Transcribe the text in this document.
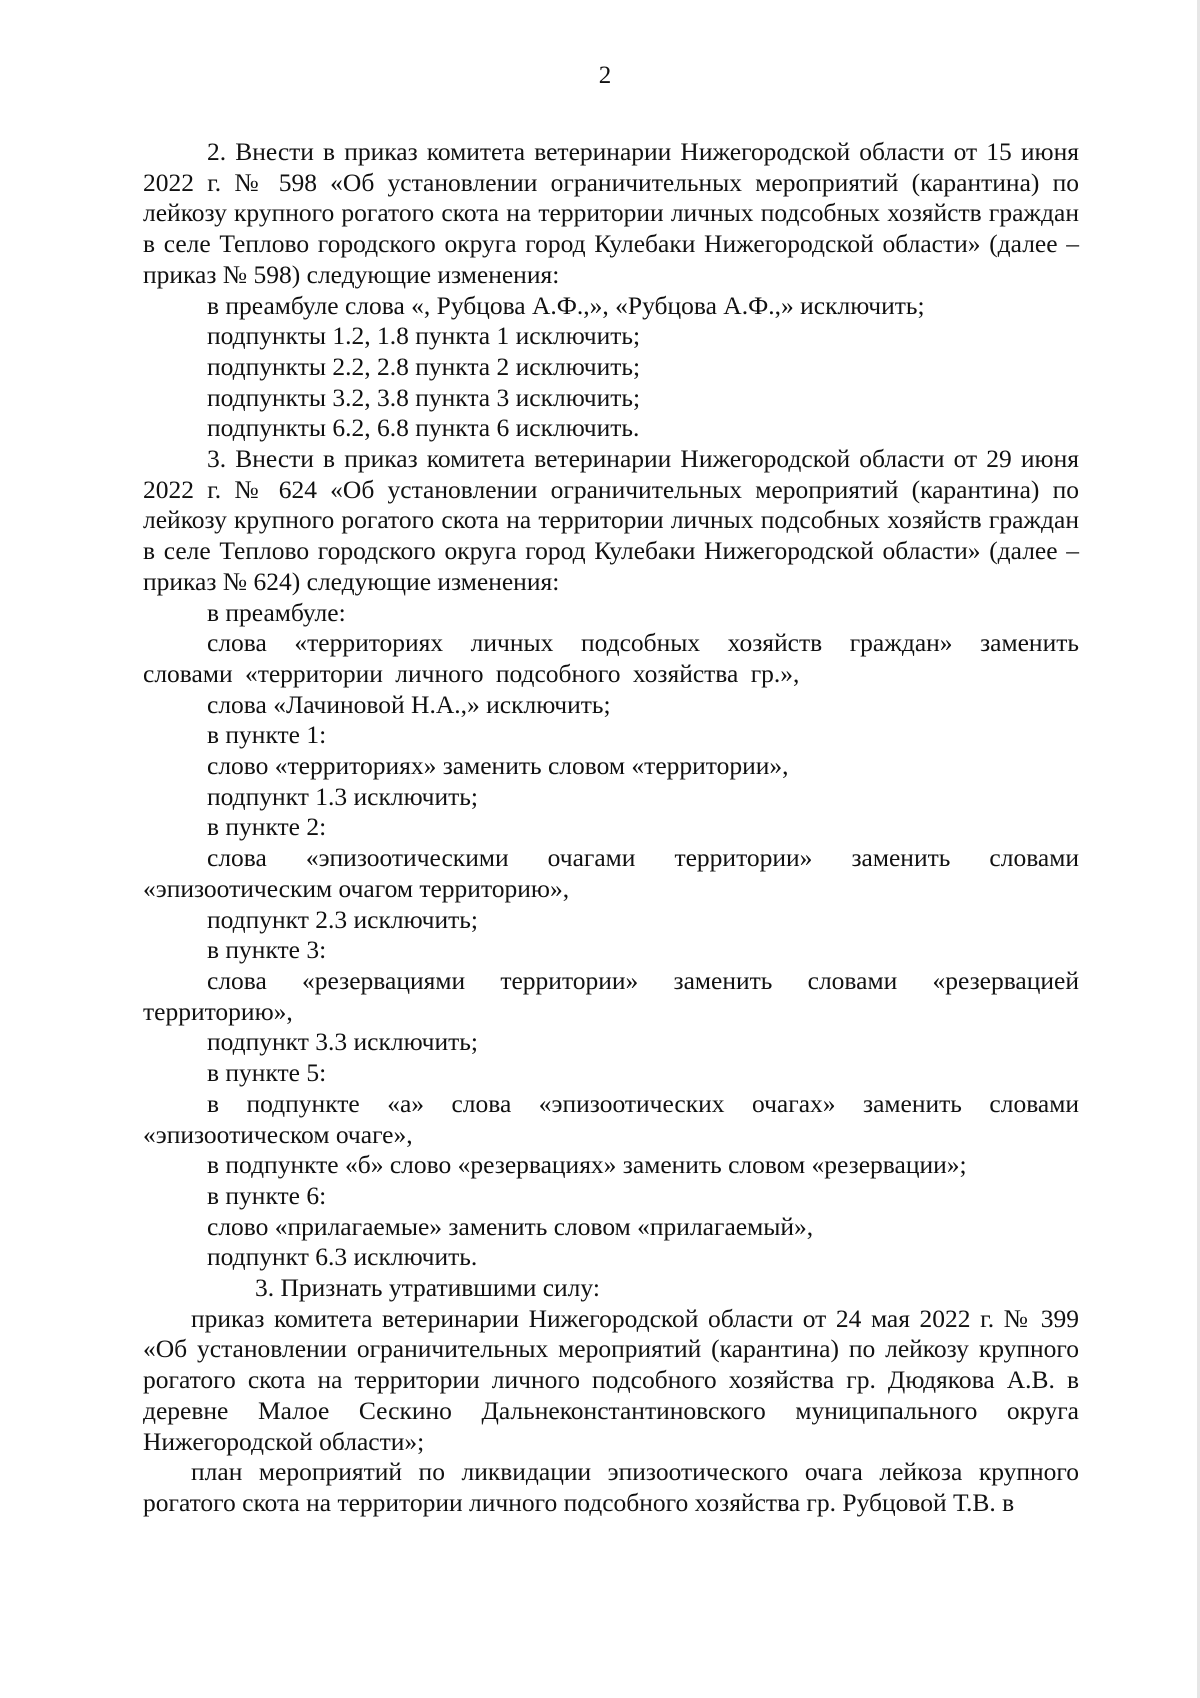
2

2. Внести в приказ комитета ветеринарии Нижегородской области от 15 июня 2022 г. № 598 «Об установлении ограничительных мероприятий (карантина) по лейкозу крупного рогатого скота на территории личных подсобных хозяйств граждан в селе Теплово городского округа город Кулебаки Нижегородской области» (далее – приказ № 598) следующие изменения:

в преамбуле слова «, Рубцова А.Ф.,», «Рубцова А.Ф.,» исключить;

подпункты 1.2, 1.8 пункта 1 исключить;

подпункты 2.2, 2.8 пункта 2 исключить;

подпункты 3.2, 3.8 пункта 3 исключить;

подпункты 6.2, 6.8 пункта 6 исключить.

3. Внести в приказ комитета ветеринарии Нижегородской области от 29 июня 2022 г. № 624 «Об установлении ограничительных мероприятий (карантина) по лейкозу крупного рогатого скота на территории личных подсобных хозяйств граждан в селе Теплово городского округа город Кулебаки Нижегородской области» (далее – приказ № 624) следующие изменения:

в преамбуле:

слова «территориях личных подсобных хозяйств граждан» заменить словами «территории личного подсобного хозяйства гр.»,

слова «Лачиновой Н.А.,» исключить;

в пункте 1:

слово «территориях» заменить словом «территории»,

подпункт 1.3 исключить;

в пункте 2:

слова «эпизоотическими очагами территории» заменить словами «эпизоотическим очагом территорию»,

подпункт 2.3 исключить;

в пункте 3:

слова «резервациями территории» заменить словами «резервацией территорию»,

подпункт 3.3 исключить;

в пункте 5:

в подпункте «а» слова «эпизоотических очагах» заменить словами «эпизоотическом очаге»,

в подпункте «б» слово «резервациях» заменить словом «резервации»;

в пункте 6:

слово «прилагаемые» заменить словом «прилагаемый»,

подпункт 6.3 исключить.

3. Признать утратившими силу:

приказ комитета ветеринарии Нижегородской области от 24 мая 2022 г. № 399 «Об установлении ограничительных мероприятий (карантина) по лейкозу крупного рогатого скота на территории личного подсобного хозяйства гр. Дюдякова А.В. в деревне Малое Сескино Дальнеконстантиновского муниципального округа Нижегородской области»;

план мероприятий по ликвидации эпизоотического очага лейкоза крупного рогатого скота на территории личного подсобного хозяйства гр. Рубцовой Т.В. в
